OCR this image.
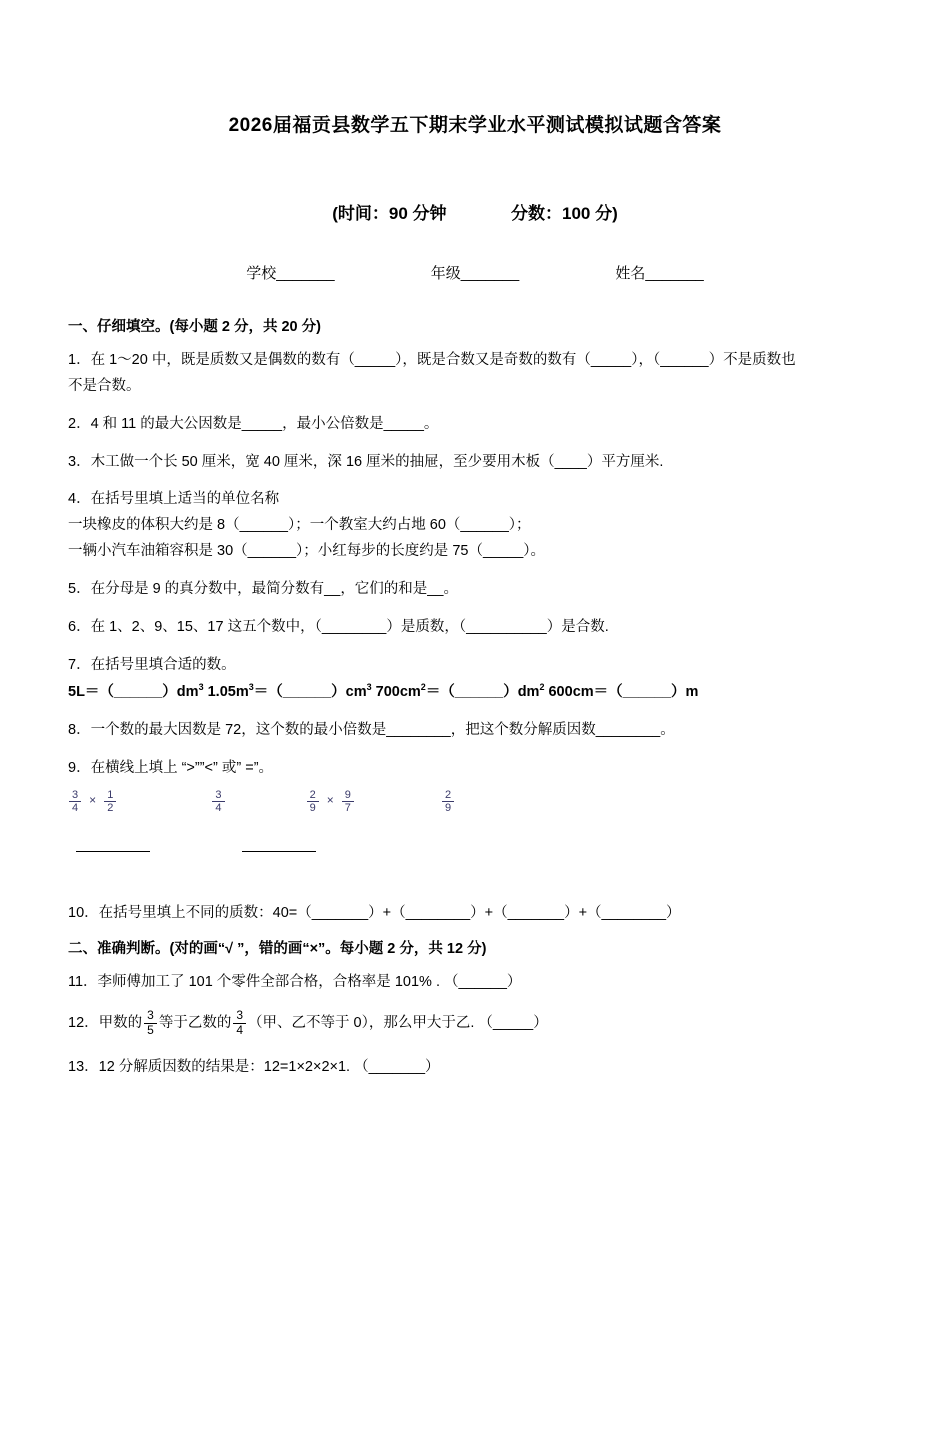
2026届福贡县数学五下期末学业水平测试模拟试题含答案
(时间：90 分钟	分数：100 分)
学校_______	年级_______	姓名_______
一、仔细填空。(每小题 2 分，共 20 分)
1．在 1～20 中，既是质数又是偶数的数有（_____），既是合数又是奇数的数有（_____），（______）不是质数也
不是合数。
2．4 和 11 的最大公因数是_____，最小公倍数是_____。
3．木工做一个长 50 厘米，宽 40 厘米，深 16 厘米的抽屉，至少要用木板（____）平方厘米.
4．在括号里填上适当的单位名称
一块橡皮的体积大约是 8（______）；一个教室大约占地 60（______）；
一辆小汽车油箱容积是 30（______）；小红每步的长度约是 75（_____）。
5．在分母是 9 的真分数中，最简分数有__，它们的和是__。
6．在 1、2、9、15、17 这五个数中，（________）是质数，（__________）是合数.
7．在括号里填合适的数。
$5L=(\_\_\_\_\_\_)dm^3$ $1.05m^3=(\_\_\_\_\_\_)cm^3$ $700cm^2=(\_\_\_\_\_\_)dm^2$ 600cm＝（______）m
8．一个数的最大因数是 72，这个数的最小倍数是________，把这个数分解质因数________。
9．在横线上填上 “>””<” 或” =”。
$\frac{3}{4} \times \frac{1}{2}$
	$\frac{3}{4}$
	$\frac{2}{9} \times \frac{9}{7}$
	$\frac{2}{9}$

10．在括号里填上不同的质数：40=（_______）+（________）+（_______）+（________）
二、准确判断。(对的画“√ ”，错的画“×”。每小题 2 分，共 12 分)
11．李师傅加工了 101 个零件全部合格，合格率是 101% . （______）
12．甲数的 $\frac{3}{5}$ 等于乙数的 $\frac{3}{4}$ （甲、乙不等于 0），那么甲大于乙. （_____）
13．12 分解质因数的结果是：12=1×2×2×1. （_______）
